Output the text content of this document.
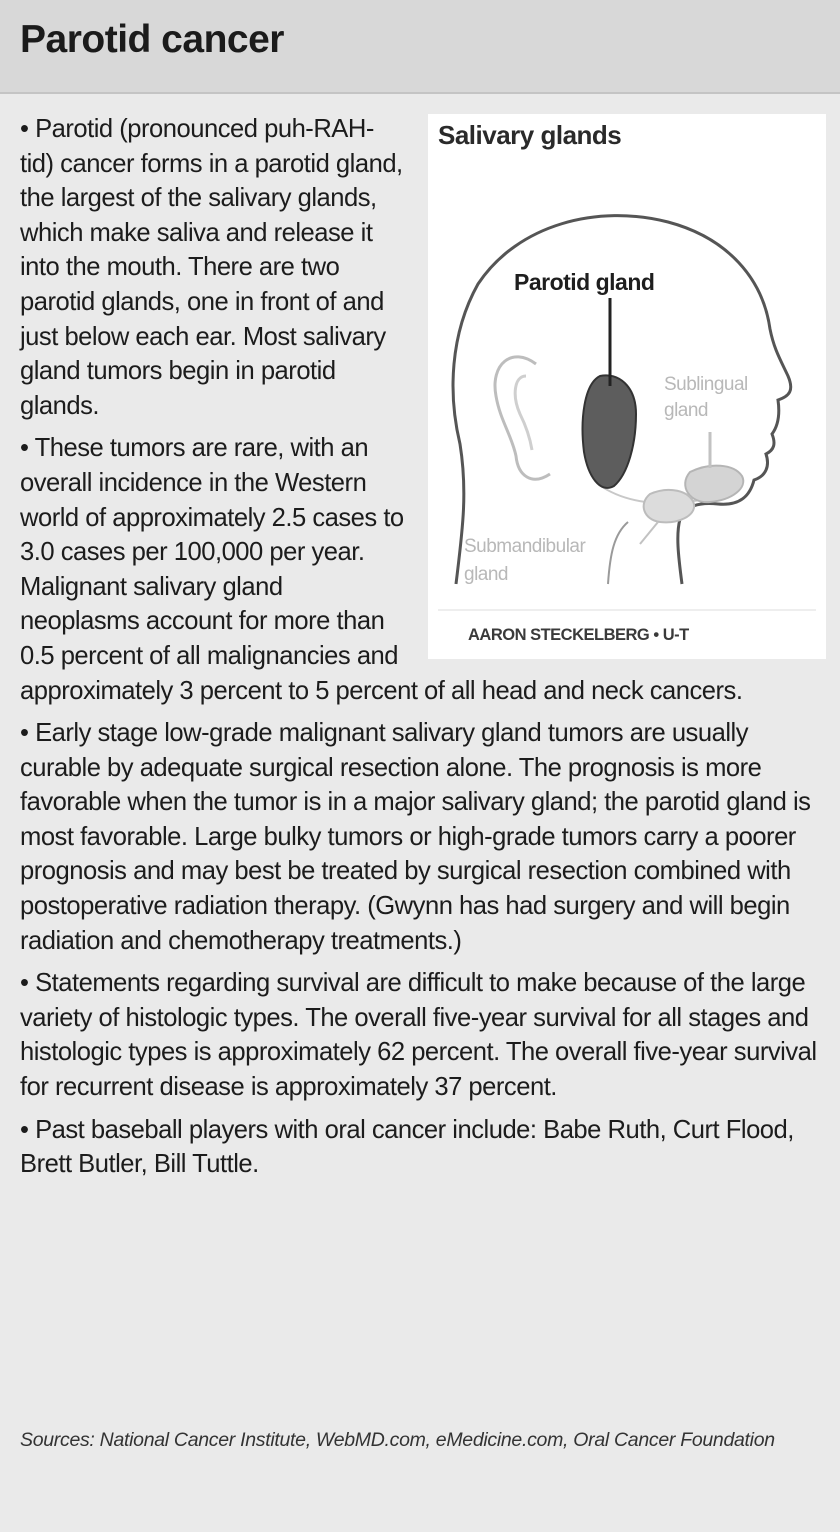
Parotid cancer
Salivary glands
Parotid gland
Sublingual
gland
Submandibular
gland
AARON STECKELBERG • U-T

• Parotid (pronounced puh-RAH-tid) cancer forms in a parotid gland, the largest of the salivary glands, which make saliva and release it into the mouth. There are two parotid glands, one in front of and just below each ear. Most salivary gland tumors begin in parotid glands.

• These tumors are rare, with an overall incidence in the Western world of approximately 2.5 cases to 3.0 cases per 100,000 per year. Malignant salivary gland neoplasms account for more than 0.5 percent of all malignancies and approximately 3 percent to 5 percent of all head and neck cancers.

• Early stage low-grade malignant salivary gland tumors are usually curable by adequate surgical resection alone. The prognosis is more favorable when the tumor is in a major salivary gland; the parotid gland is most favorable. Large bulky tumors or high-grade tumors carry a poorer prognosis and may best be treated by surgical resection combined with postoperative radiation therapy. (Gwynn has had surgery and will begin radiation and chemotherapy treatments.)

• Statements regarding survival are difficult to make because of the large variety of histologic types. The overall five-year survival for all stages and histologic types is approximately 62 percent. The overall five-year survival for recurrent disease is approximately 37 percent.

• Past baseball players with oral cancer include: Babe Ruth, Curt Flood, Brett Butler, Bill Tuttle.

Sources: National Cancer Institute, WebMD.com, eMedicine.com, Oral Cancer Foundation
